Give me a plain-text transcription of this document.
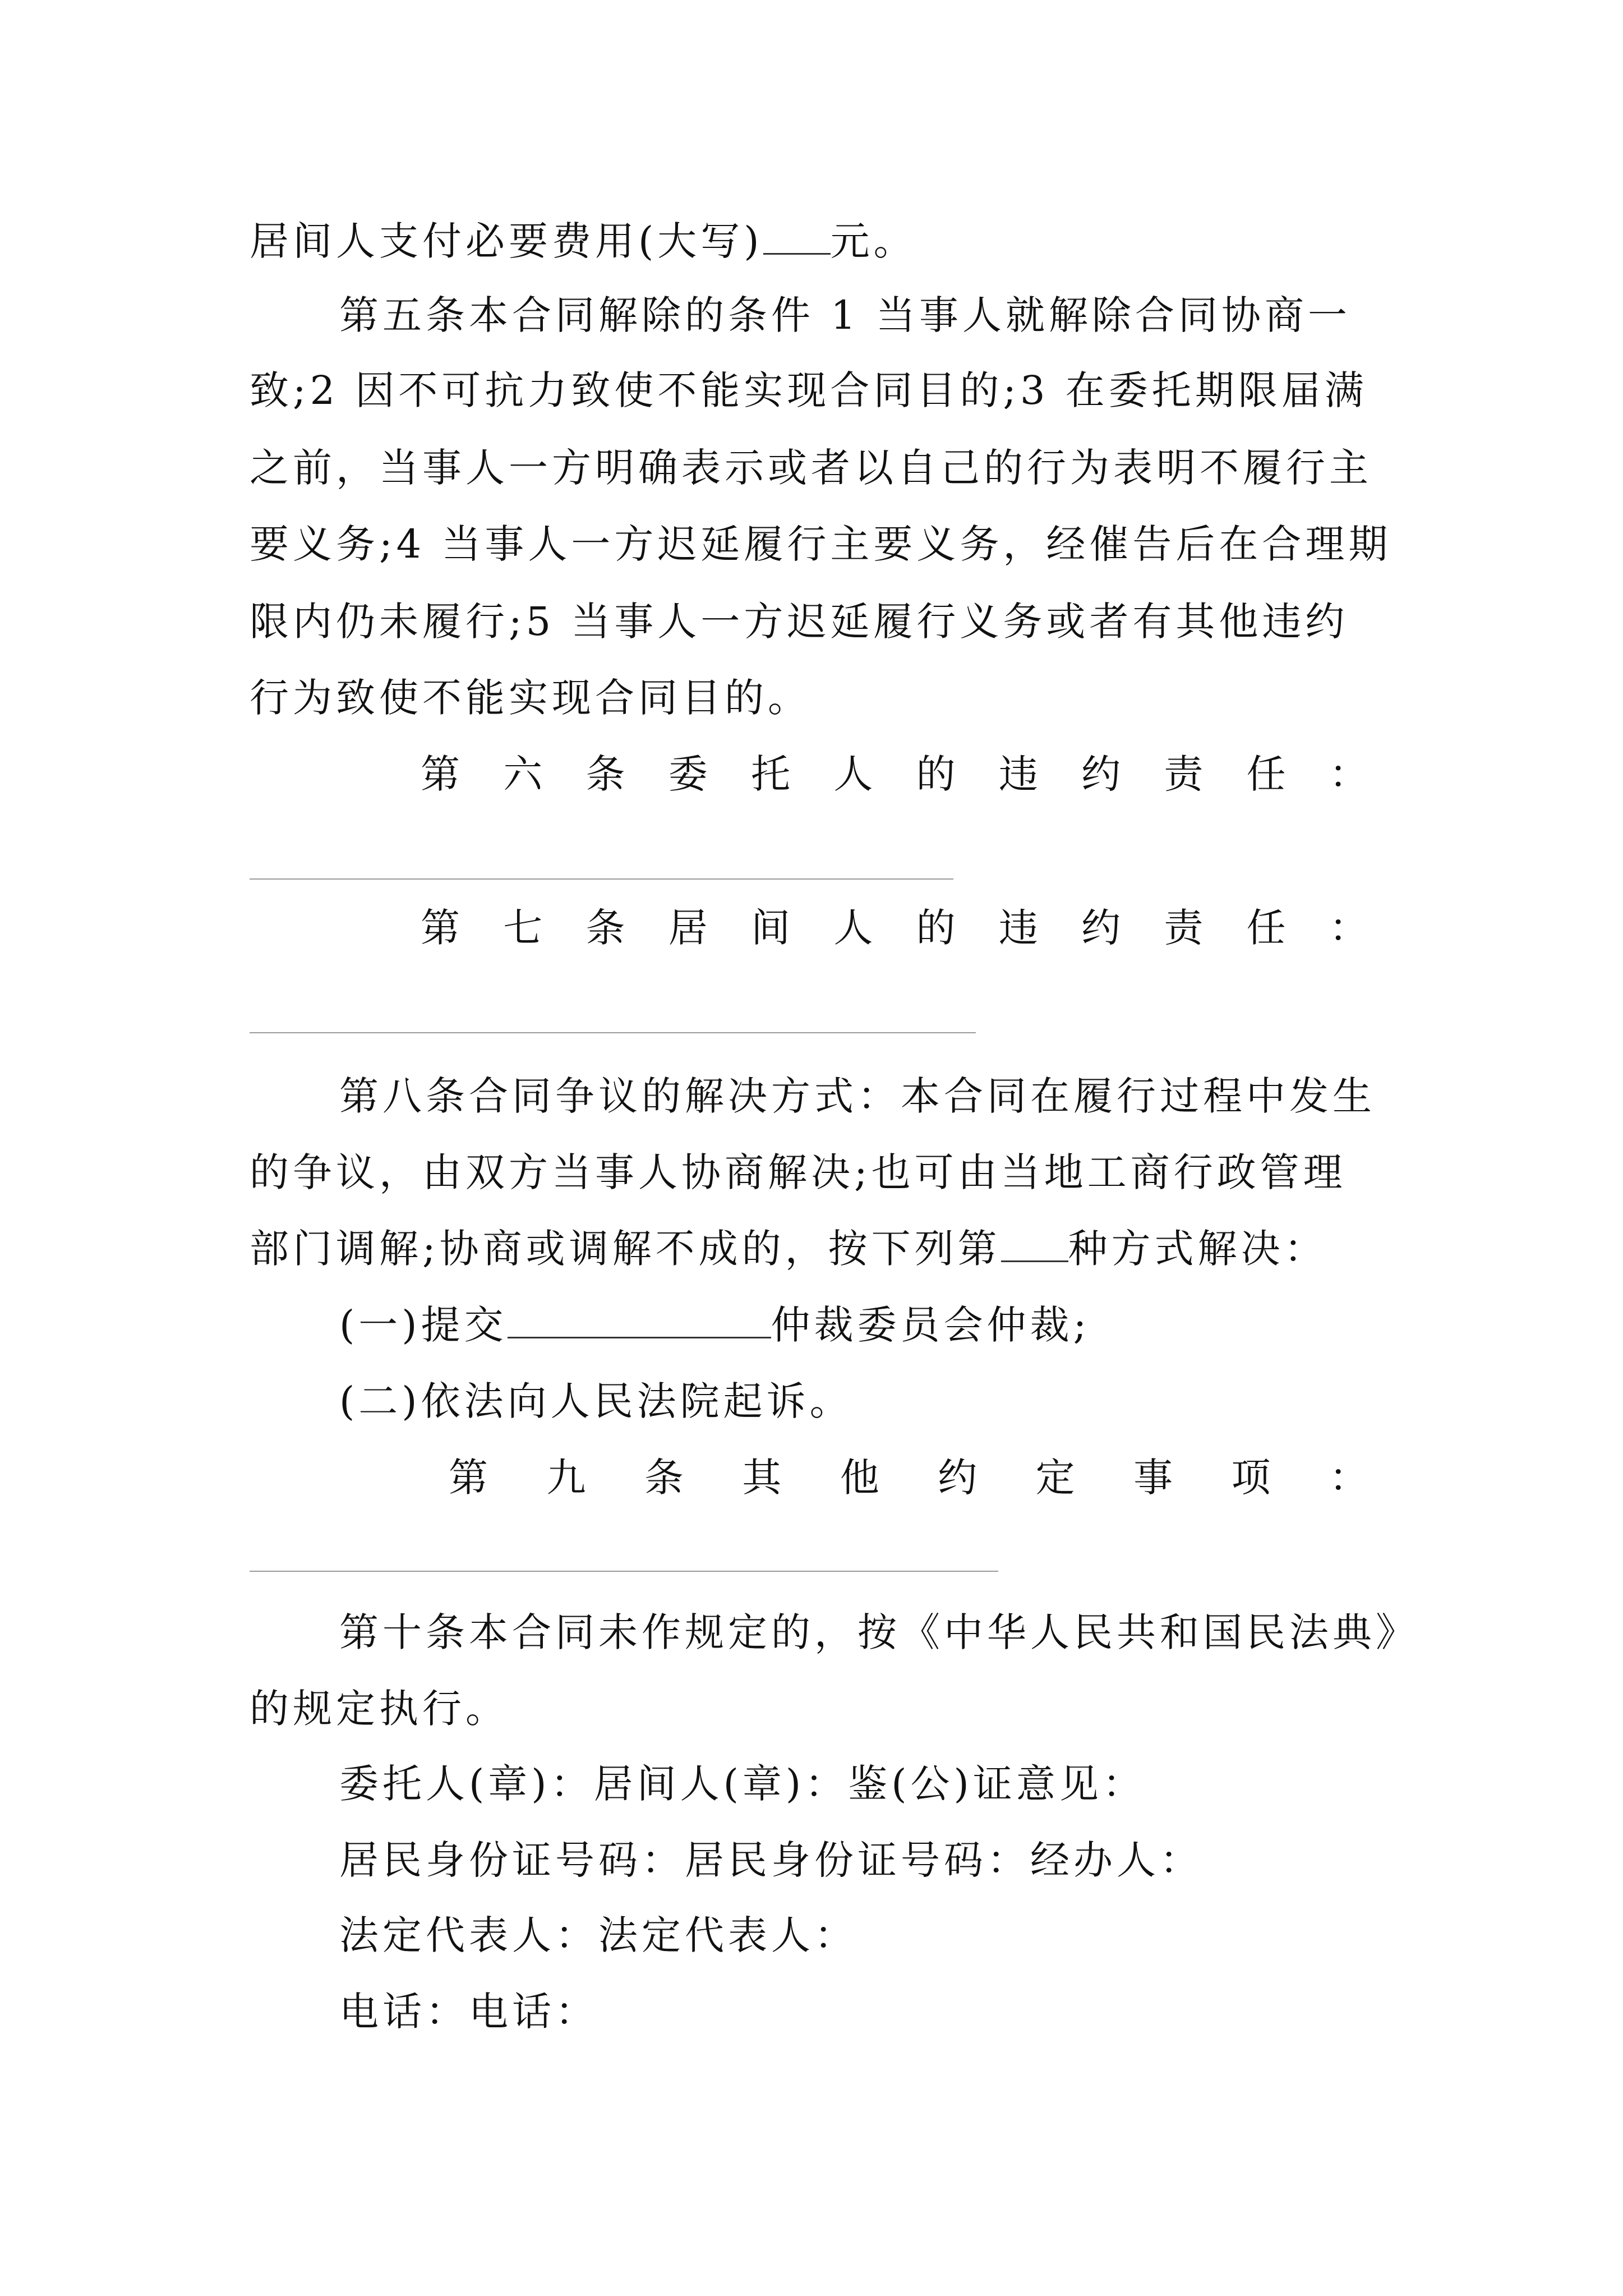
居间人支付必要费用(大写) 元。
第五条本合同解除的条件 1 当事人就解除合同协商一
致;2 因不可抗力致使不能实现合同目的;3 在委托期限届满
之前，当事人一方明确表示或者以自己的行为表明不履行主
要义务;4 当事人一方迟延履行主要义务，经催告后在合理期
限内仍未履行;5 当事人一方迟延履行义务或者有其他违约
行为致使不能实现合同目的。
第 六 条 委 托 人 的 违 约 责 任 ：
第 七 条 居 间 人 的 违 约 责 任 ：
第八条合同争议的解决方式：本合同在履行过程中发生
的争议，由双方当事人协商解决;也可由当地工商行政管理
部门调解;协商或调解不成的，按下列第 种方式解决：
(一)提交	仲裁委员会仲裁;
(二)依法向人民法院起诉。
第 九 条 其 他 约 定 事 项 ：
第十条本合同未作规定的，按《中华人民共和国民法典》
的规定执行。
委托人(章)：居间人(章)：鉴(公)证意见：
居民身份证号码：居民身份证号码：经办人：
法定代表人：法定代表人：
电话：电话：
